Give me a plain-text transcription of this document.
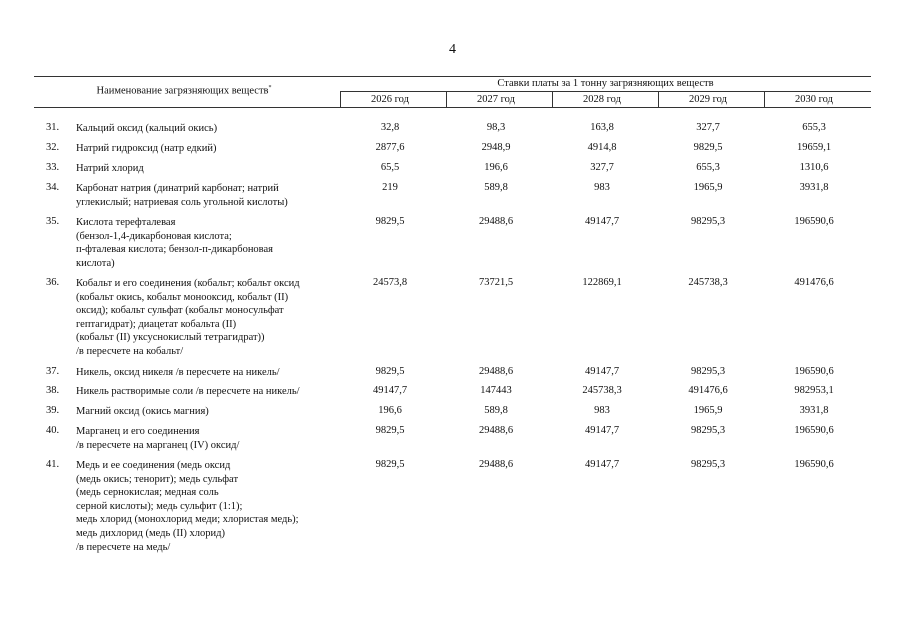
4
Наименование загрязняющих веществ*	Ставки платы за 1 тонну загрязняющих веществ
2026 год	2027 год	2028 год	2029 год	2030 год
31.	Кальций оксид (кальций окись)	32,8	98,3	163,8	327,7	655,3
32.	Натрий гидроксид (натр едкий)	2877,6	2948,9	4914,8	9829,5	19659,1
33.	Натрий хлорид	65,5	196,6	327,7	655,3	1310,6
34.	Карбонат натрия (динатрий карбонат; натрий
углекислый; натриевая соль угольной кислоты)
219	589,8	983	1965,9	3931,8
35.	Кислота терефталевая
(бензол-1,4-дикарбоновая кислота;
п-фталевая кислота; бензол-п-дикарбоновая
кислота)
9829,5	29488,6	49147,7	98295,3	196590,6
36.	Кобальт и его соединения (кобальт; кобальт оксид
(кобальт окись, кобальт монооксид, кобальт (II)
оксид); кобальт сульфат (кобальт моносульфат
гептагидрат); диацетат кобальта (II)
(кобальт (II) уксуснокислый тетрагидрат))
/в пересчете на кобальт/
24573,8	73721,5	122869,1	245738,3	491476,6
37.	Никель, оксид никеля /в пересчете на никель/	9829,5	29488,6	49147,7	98295,3	196590,6
38.	Никель растворимые соли /в пересчете на никель/	49147,7	147443	245738,3	491476,6	982953,1
39.	Магний оксид (окись магния)	196,6	589,8	983	1965,9	3931,8
40.	Марганец и его соединения
/в пересчете на марганец (IV) оксид/
9829,5	29488,6	49147,7	98295,3	196590,6
41.	Медь и ее соединения (медь оксид
(медь окись; тенорит); медь сульфат
(медь сернокислая; медная соль
серной кислоты); медь сульфит (1:1);
медь хлорид (монохлорид меди; хлористая медь);
медь дихлорид (медь (II) хлорид)
/в пересчете на медь/
9829,5	29488,6	49147,7	98295,3	196590,6
